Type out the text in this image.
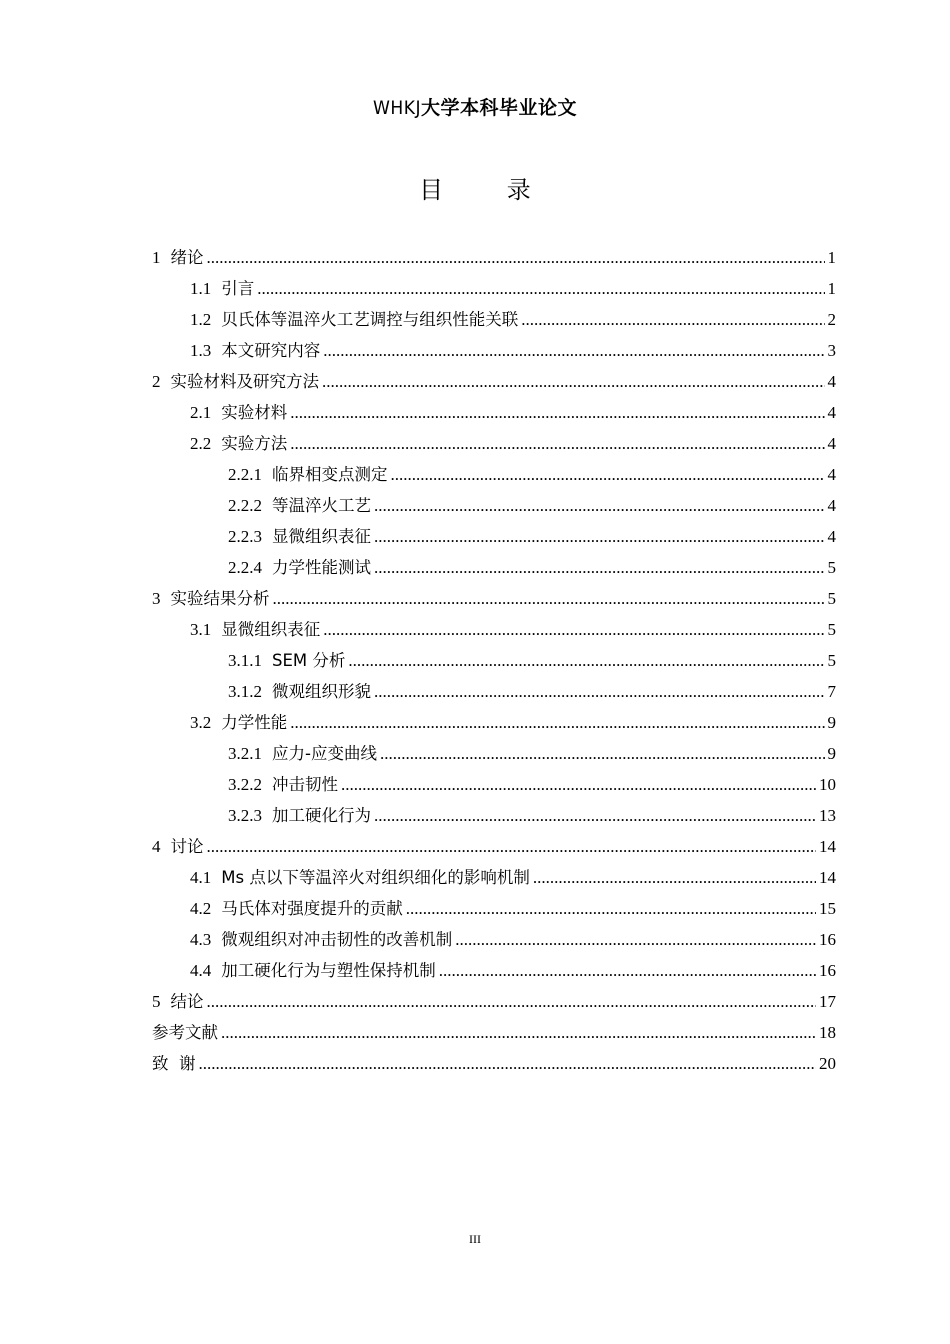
WHKJ大学本科毕业论文
目 录
1 绪论 .....	1
1.1 引言 .....	1
1.2 贝氏体等温淬火工艺调控与组织性能关联 .....	2
1.3 本文研究内容 .....	3
2 实验材料及研究方法 .....	4
2.1 实验材料 .....	4
2.2 实验方法 .....	4
2.2.1 临界相变点测定 .....	4
2.2.2 等温淬火工艺 .....	4
2.2.3 显微组织表征 .....	4
2.2.4 力学性能测试 .....	5
3 实验结果分析 .....	5
3.1 显微组织表征 .....	5
3.1.1 SEM 分析 .....	5
3.1.2 微观组织形貌 .....	7
3.2 力学性能 .....	9
3.2.1 应力-应变曲线 .....	9
3.2.2 冲击韧性 .....	10
3.2.3 加工硬化行为 .....	13
4 讨论 .....	14
4.1 Ms 点以下等温淬火对组织细化的影响机制 .....	14
4.2 马氏体对强度提升的贡献 .....	15
4.3 微观组织对冲击韧性的改善机制 .....	16
4.4 加工硬化行为与塑性保持机制 .....	16
5 结论 .....	17
参考文献 .....	18
致  谢 .....	20
III
